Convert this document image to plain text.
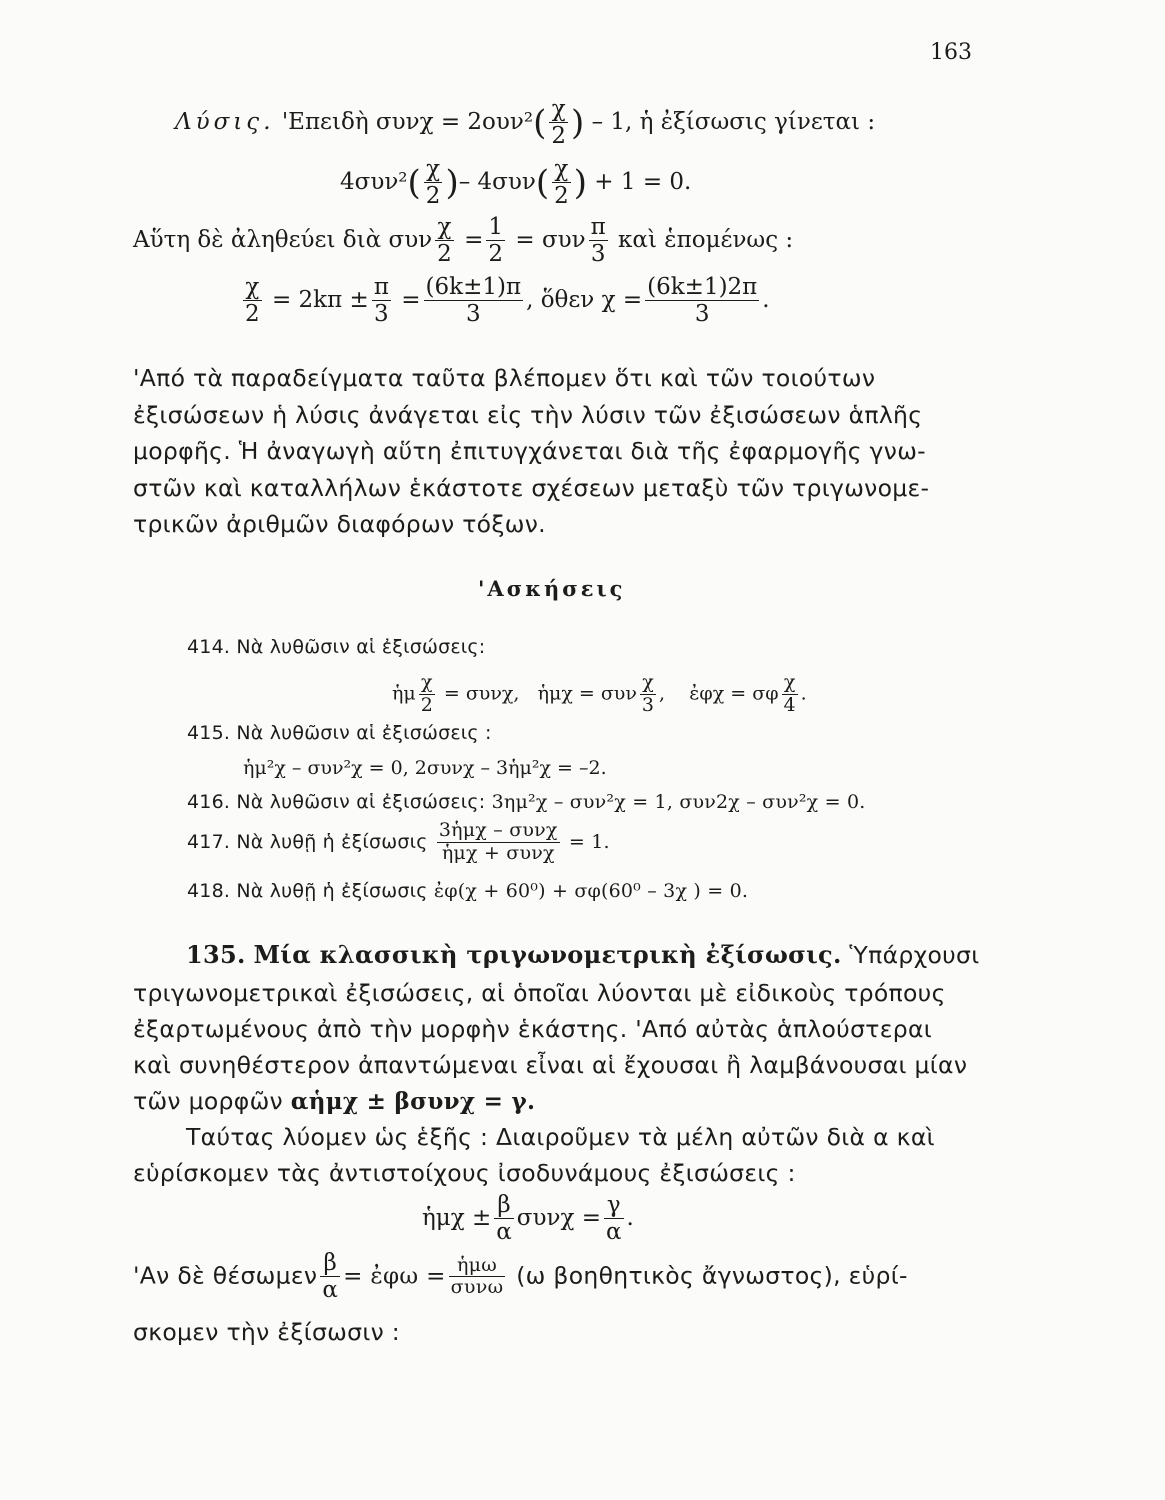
163
Λύσις. 'Επειδὴ $\sigma\upsilon\nu\chi = 2o\upsilon\nu^2( \frac{\chi}{2}$ ) – 1, ἡ ἐξίσωσις γίνεται :
$4\sigma\upsilon\nu^2( \frac{\chi}{2}$ )– $4\sigma\upsilon\nu( \frac{\chi}{2}$ ) + 1 = 0.
Αὕτη δὲ ἀληθεύει διὰ συν $\frac{\chi}{2} = \frac{1}{2} = \sigma\upsilon\nu \frac{\pi}{3}$ καὶ ἑπομένως :
$\frac{\chi}{2} = 2k\pi \pm \frac{\pi}{3} = \frac{(6k\pm 1)\pi}{3}$ , ὅθεν $\chi = \frac{(6k\pm 1)2\pi}{3}$ .
'Από τὰ παραδείγματα ταῦτα βλέπομεν ὅτι καὶ τῶν τοιούτων
ἐξισώσεων ἡ λύσις ἀνάγεται εἰς τὴν λύσιν τῶν ἐξισώσεων ἁπλῆς
μορφῆς. Ἡ ἀναγωγὴ αὕτη ἐπιτυγχάνεται διὰ τῆς ἐφαρμογῆς γνω-
στῶν καὶ καταλλήλων ἑκάστοτε σχέσεων μεταξὺ τῶν τριγωνομε-
τρικῶν ἀριθμῶν διαφόρων τόξων.
'Ασκήσεις
414. Νὰ λυθῶσιν αἱ ἐξισώσεις:
ἡμ $\frac{\chi}{2} = \sigma\upsilon\nu\chi$, ἡμχ = συν $\frac{\chi}{3}$ , ἐφχ = σφ $\frac{\chi}{4}$ .
415. Νὰ λυθῶσιν αἱ ἐξισώσεις :
ἡμ²χ – συν²χ = 0, 2συνχ – 3ἡμ²χ = –2.
416. Νὰ λυθῶσιν αἱ ἐξισώσεις: 3ημ²χ – συν²χ = 1, συν2χ – συν²χ = 0.
417. Νὰ λυθῇ ἡ ἐξίσωσις $\frac{\text{3ἡμχ – συνχ}}{\text{ἡμχ + συνχ}} = 1$.
418. Νὰ λυθῇ ἡ ἐξίσωσις ἐφ(χ + 60⁰) + σφ(60⁰ – 3χ ) = 0.
135. Μία κλασσικὴ τριγωνομετρικὴ ἐξίσωσις. Ὑπάρχουσι
τριγωνομετρικαὶ ἐξισώσεις, αἱ ὁποῖαι λύονται μὲ εἰδικοὺς τρόπους
ἐξαρτωμένους ἀπὸ τὴν μορφὴν ἑκάστης. 'Από αὐτὰς ἁπλούστεραι
καὶ συνηθέστερον ἀπαντώμεναι εἶναι αἱ ἔχουσαι ἢ λαμβάνουσαι μίαν
τῶν μορφῶν αἡμχ ± βσυνχ = γ.
Ταύτας λύομεν ὡς ἑξῆς : Διαιροῦμεν τὰ μέλη αὐτῶν διὰ α καὶ
εὑρίσκομεν τὰς ἀντιστοίχους ἰσοδυνάμους ἐξισώσεις :
ἡμχ ± $\frac{\beta}{\alpha}$ $\sigma\upsilon\nu\chi = \frac{\gamma}{\alpha}$ .
'Αν δὲ θέσωμεν $\frac{\beta}{\alpha}$ = ἐφω = $\frac{\text{ἡμω}}{\text{συνω}} (\omega$ βοηθητικὸς ἄγνωστος), εὑρί-
σκομεν τὴν ἐξίσωσιν :
